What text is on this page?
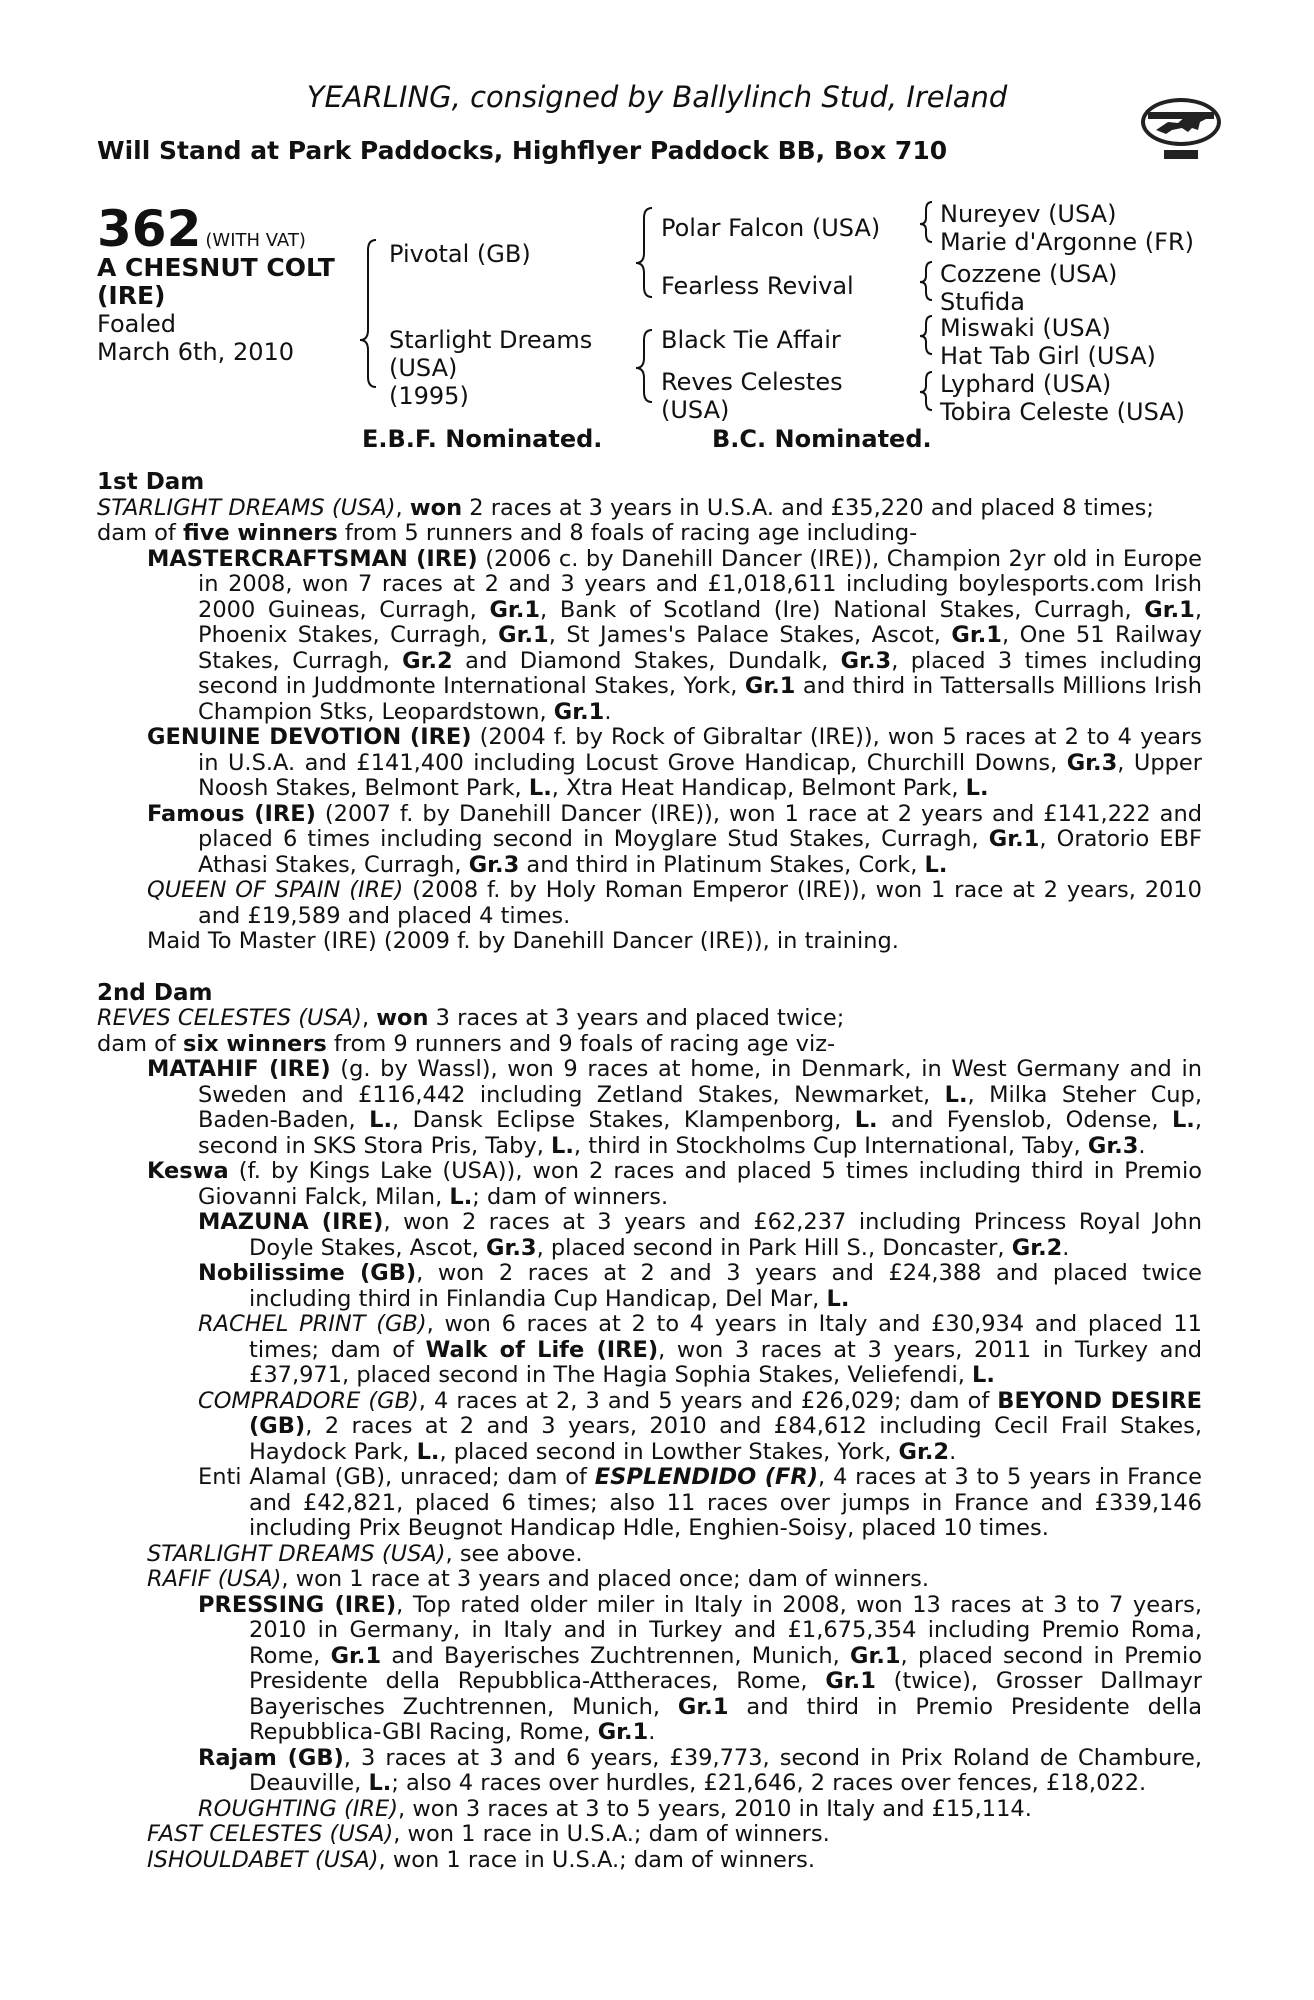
YEARLING, consigned by Ballylinch Stud, Ireland
Will Stand at Park Paddocks, Highflyer Paddock BB, Box 710
362 (WITH VAT)
A CHESNUT COLT
(IRE)
Foaled
March 6th, 2010
Pivotal (GB)
Starlight Dreams
(USA)
(1995)
Polar Falcon (USA)
Fearless Revival
Black Tie Affair
Reves Celestes
(USA)
Nureyev (USA)
Marie d'Argonne (FR)
Cozzene (USA)
Stufida
Miswaki (USA)
Hat Tab Girl (USA)
Lyphard (USA)
Tobira Celeste (USA)
E.B.F. Nominated.	B.C. Nominated.
1st Dam

STARLIGHT DREAMS (USA), won 2 races at 3 years in U.S.A. and £35,220 and placed 8 times;

dam of five winners from 5 runners and 8 foals of racing age including-

MASTERCRAFTSMAN (IRE) (2006 c. by Danehill Dancer (IRE)), Champion 2yr old in Europe in 2008, won 7 races at 2 and 3 years and £1,018,611 including boylesports.com Irish 2000 Guineas, Curragh, Gr.1, Bank of Scotland (Ire) National Stakes, Curragh, Gr.1, Phoenix Stakes, Curragh, Gr.1, St James's Palace Stakes, Ascot, Gr.1, One 51 Railway Stakes, Curragh, Gr.2 and Diamond Stakes, Dundalk, Gr.3, placed 3 times including second in Juddmonte International Stakes, York, Gr.1 and third in Tattersalls Millions Irish Champion Stks, Leopardstown, Gr.1.

GENUINE DEVOTION (IRE) (2004 f. by Rock of Gibraltar (IRE)), won 5 races at 2 to 4 years in U.S.A. and £141,400 including Locust Grove Handicap, Churchill Downs, Gr.3, Upper Noosh Stakes, Belmont Park, L., Xtra Heat Handicap, Belmont Park, L.

Famous (IRE) (2007 f. by Danehill Dancer (IRE)), won 1 race at 2 years and £141,222 and placed 6 times including second in Moyglare Stud Stakes, Curragh, Gr.1, Oratorio EBF Athasi Stakes, Curragh, Gr.3 and third in Platinum Stakes, Cork, L.

QUEEN OF SPAIN (IRE) (2008 f. by Holy Roman Emperor (IRE)), won 1 race at 2 years, 2010 and £19,589 and placed 4 times.

Maid To Master (IRE) (2009 f. by Danehill Dancer (IRE)), in training.

2nd Dam

REVES CELESTES (USA), won 3 races at 3 years and placed twice;

dam of six winners from 9 runners and 9 foals of racing age viz-

MATAHIF (IRE) (g. by Wassl), won 9 races at home, in Denmark, in West Germany and in Sweden and £116,442 including Zetland Stakes, Newmarket, L., Milka Steher Cup, Baden-Baden, L., Dansk Eclipse Stakes, Klampenborg, L. and Fyenslob, Odense, L., second in SKS Stora Pris, Taby, L., third in Stockholms Cup International, Taby, Gr.3.

Keswa (f. by Kings Lake (USA)), won 2 races and placed 5 times including third in Premio Giovanni Falck, Milan, L.; dam of winners.

MAZUNA (IRE), won 2 races at 3 years and £62,237 including Princess Royal John Doyle Stakes, Ascot, Gr.3, placed second in Park Hill S., Doncaster, Gr.2.

Nobilissime (GB), won 2 races at 2 and 3 years and £24,388 and placed twice including third in Finlandia Cup Handicap, Del Mar, L.

RACHEL PRINT (GB), won 6 races at 2 to 4 years in Italy and £30,934 and placed 11 times; dam of Walk of Life (IRE), won 3 races at 3 years, 2011 in Turkey and £37,971, placed second in The Hagia Sophia Stakes, Veliefendi, L.

COMPRADORE (GB), 4 races at 2, 3 and 5 years and £26,029; dam of BEYOND DESIRE (GB), 2 races at 2 and 3 years, 2010 and £84,612 including Cecil Frail Stakes, Haydock Park, L., placed second in Lowther Stakes, York, Gr.2.

Enti Alamal (GB), unraced; dam of ESPLENDIDO (FR), 4 races at 3 to 5 years in France and £42,821, placed 6 times; also 11 races over jumps in France and £339,146 including Prix Beugnot Handicap Hdle, Enghien-Soisy, placed 10 times.

STARLIGHT DREAMS (USA), see above.

RAFIF (USA), won 1 race at 3 years and placed once; dam of winners.

PRESSING (IRE), Top rated older miler in Italy in 2008, won 13 races at 3 to 7 years, 2010 in Germany, in Italy and in Turkey and £1,675,354 including Premio Roma, Rome, Gr.1 and Bayerisches Zuchtrennen, Munich, Gr.1, placed second in Premio Presidente della Repubblica-Attheraces, Rome, Gr.1 (twice), Grosser Dallmayr Bayerisches Zuchtrennen, Munich, Gr.1 and third in Premio Presidente della Repubblica-GBI Racing, Rome, Gr.1.

Rajam (GB), 3 races at 3 and 6 years, £39,773, second in Prix Roland de Chambure, Deauville, L.; also 4 races over hurdles, £21,646, 2 races over fences, £18,022.

ROUGHTING (IRE), won 3 races at 3 to 5 years, 2010 in Italy and £15,114.

FAST CELESTES (USA), won 1 race in U.S.A.; dam of winners.

ISHOULDABET (USA), won 1 race in U.S.A.; dam of winners.
